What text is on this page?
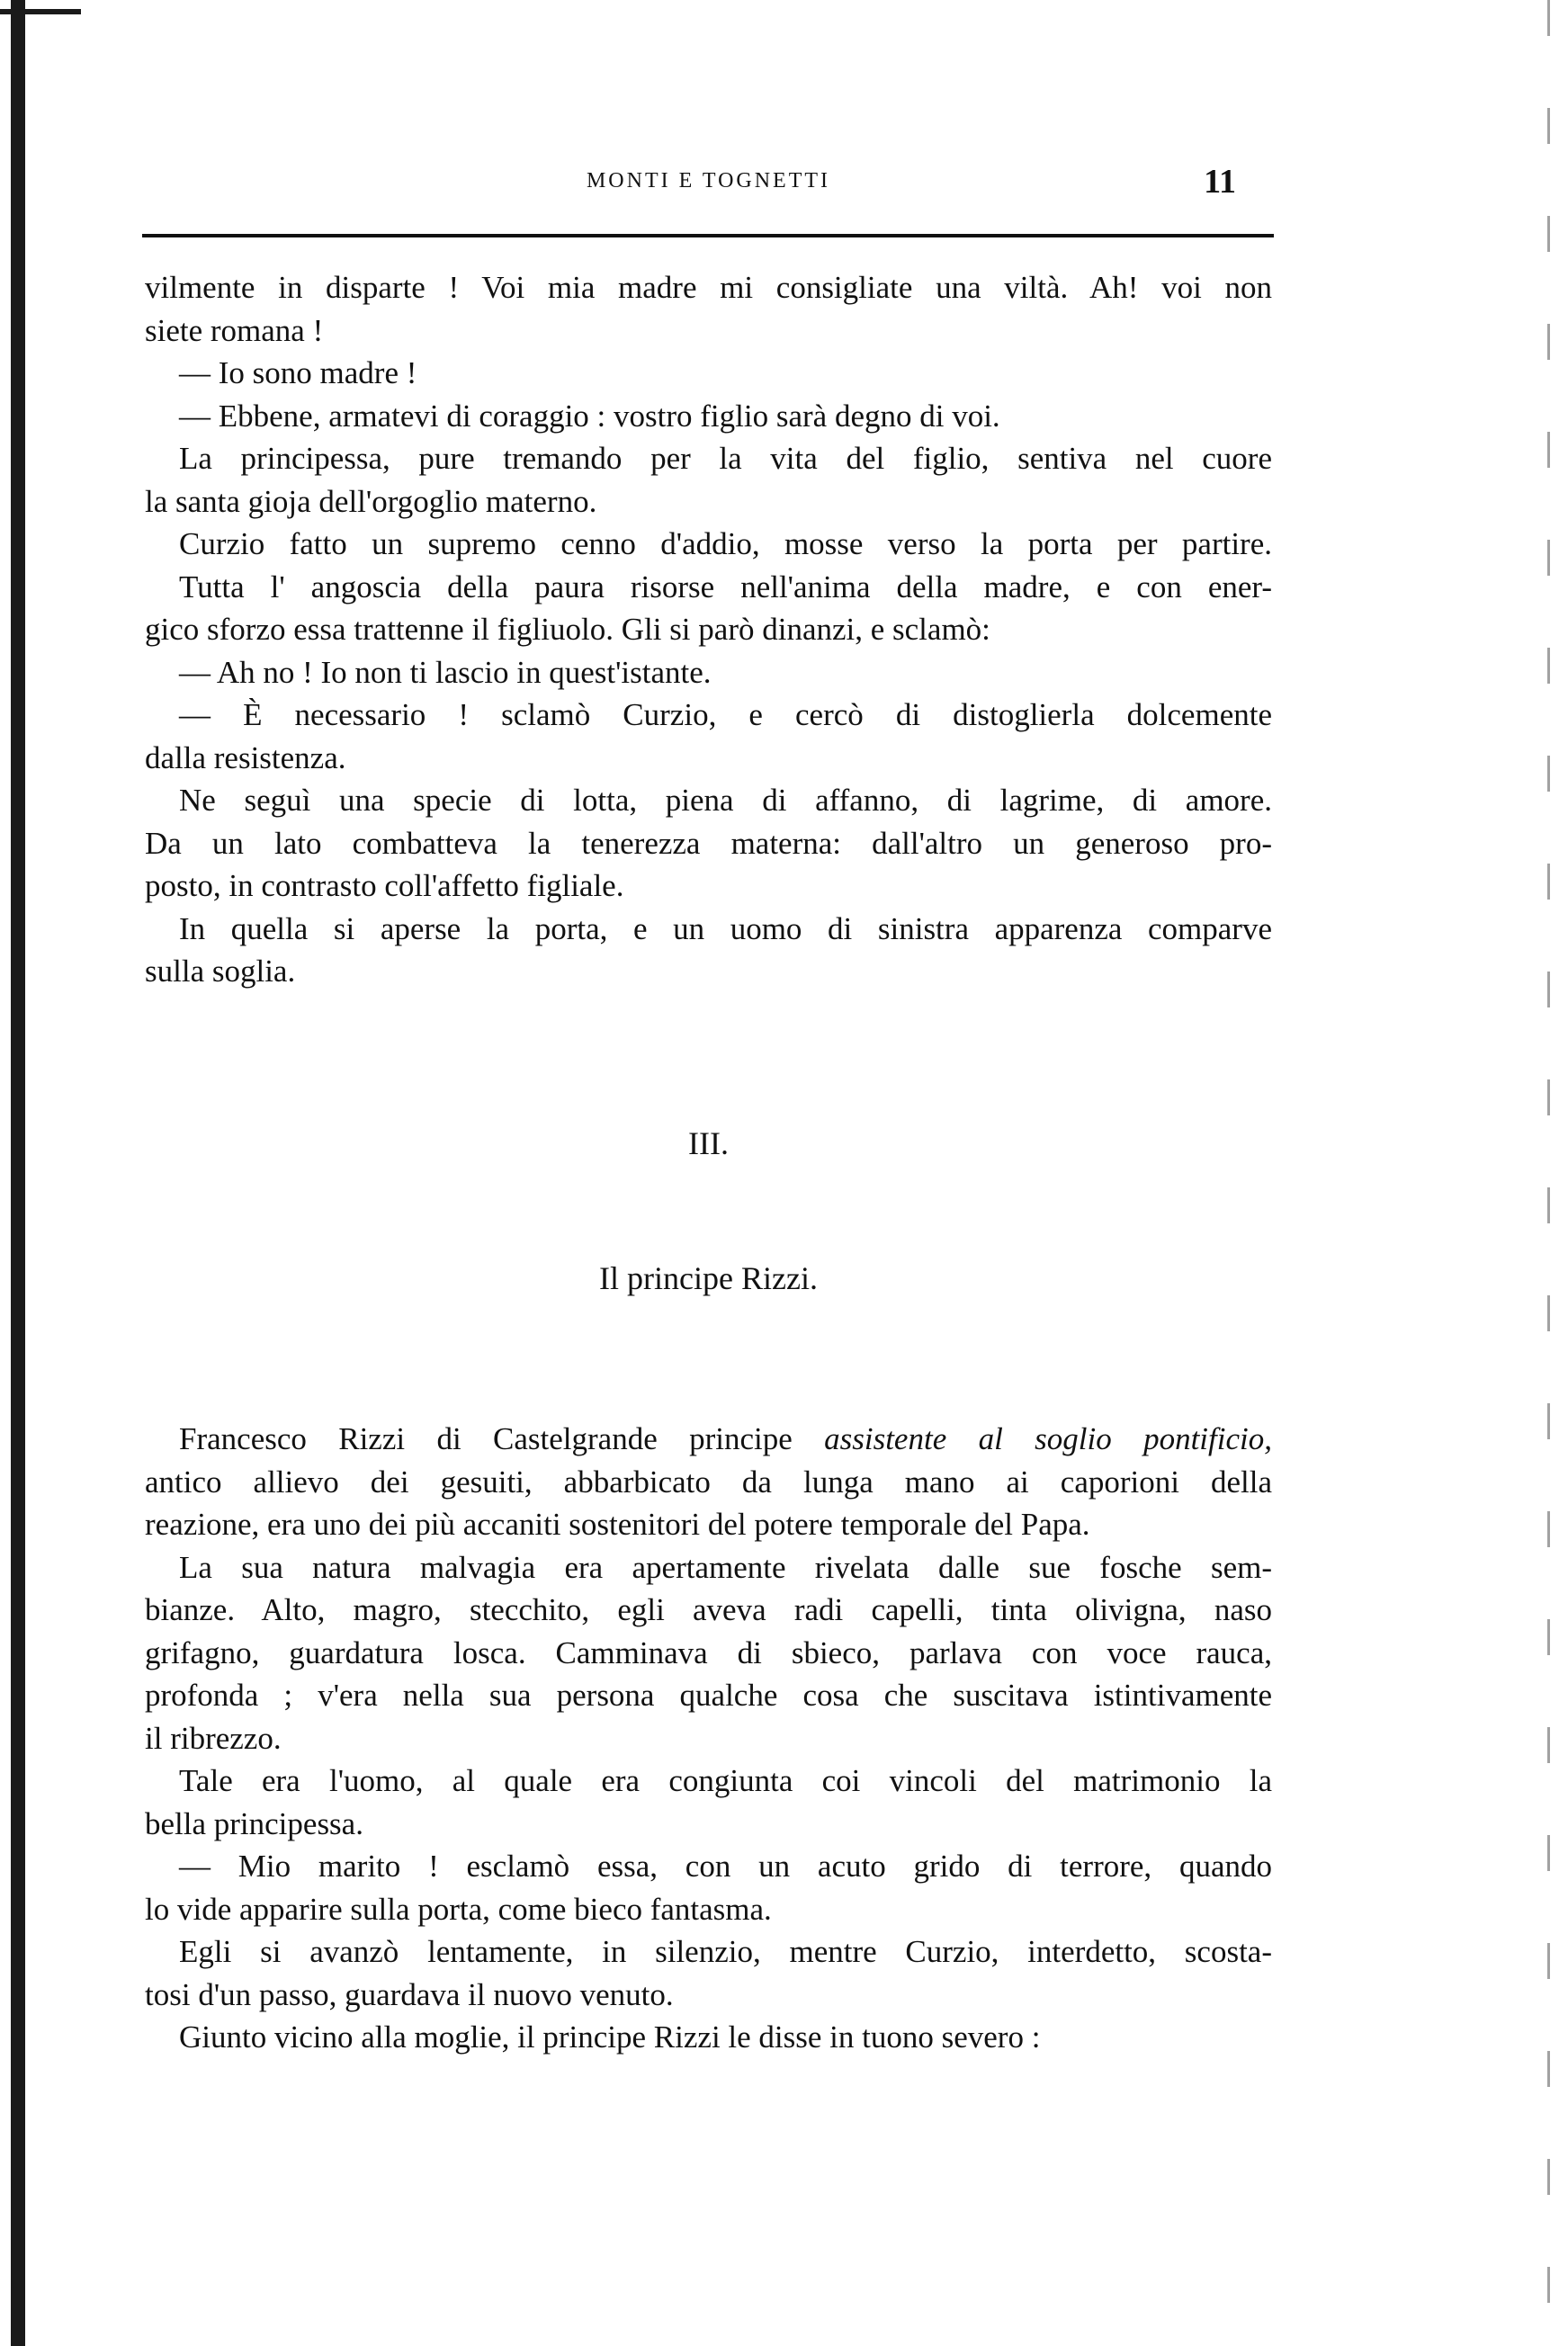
MONTI E TOGNETTI	11
vilmente in disparte ! Voi mia madre mi consigliate una viltà. Ah! voi non
siete romana !
— Io sono madre !
— Ebbene, armatevi di coraggio : vostro figlio sarà degno di voi.
La principessa, pure tremando per la vita del figlio, sentiva nel cuore
la santa gioja dell'orgoglio materno.
Curzio fatto un supremo cenno d'addio, mosse verso la porta per partire.
Tutta l' angoscia della paura risorse nell'anima della madre, e con ener-
gico sforzo essa trattenne il figliuolo. Gli si parò dinanzi, e sclamò:
— Ah no ! Io non ti lascio in quest'istante.
— È necessario ! sclamò Curzio, e cercò di distoglierla dolcemente
dalla resistenza.
Ne seguì una specie di lotta, piena di affanno, di lagrime, di amore.
Da un lato combatteva la tenerezza materna: dall'altro un generoso pro-
posto, in contrasto coll'affetto figliale.
In quella si aperse la porta, e un uomo di sinistra apparenza comparve
sulla soglia.
III.
Il principe Rizzi.
Francesco Rizzi di Castelgrande principe assistente al soglio pontificio,
antico allievo dei gesuiti, abbarbicato da lunga mano ai caporioni della
reazione, era uno dei più accaniti sostenitori del potere temporale del Papa.
La sua natura malvagia era apertamente rivelata dalle sue fosche sem-
bianze. Alto, magro, stecchito, egli aveva radi capelli, tinta olivigna, naso
grifagno, guardatura losca. Camminava di sbieco, parlava con voce rauca,
profonda ; v'era nella sua persona qualche cosa che suscitava istintivamente
il ribrezzo.
Tale era l'uomo, al quale era congiunta coi vincoli del matrimonio la
bella principessa.
— Mio marito ! esclamò essa, con un acuto grido di terrore, quando
lo vide apparire sulla porta, come bieco fantasma.
Egli si avanzò lentamente, in silenzio, mentre Curzio, interdetto, scosta-
tosi d'un passo, guardava il nuovo venuto.
Giunto vicino alla moglie, il principe Rizzi le disse in tuono severo :
